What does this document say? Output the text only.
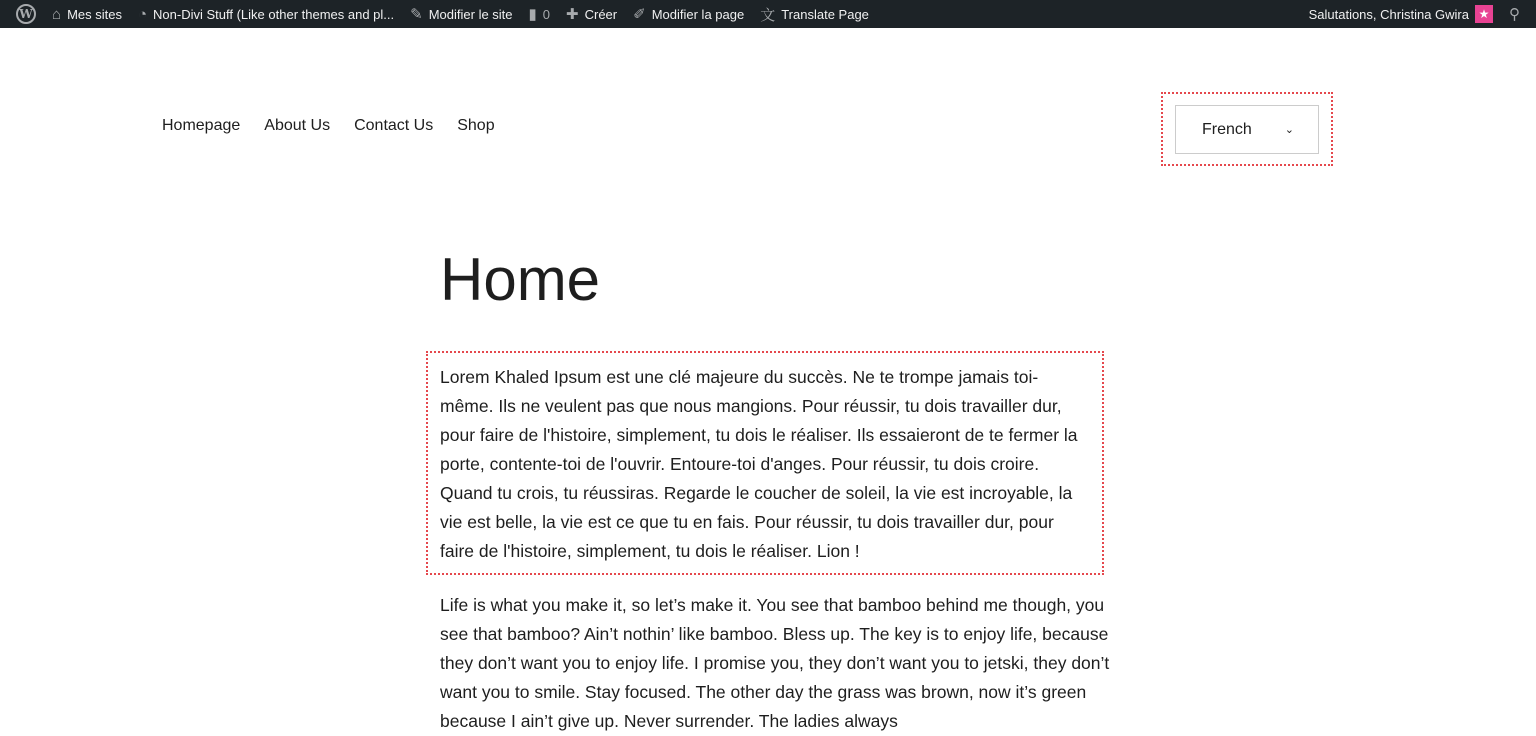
W ⌂ Mes sites ◔ Non-Divi Stuff (Like other themes and pl... ✎ Modifier le site ▮ 0 ✚ Créer ✐ Modifier la page 文 Translate Page	Salutations, Christina Gwira ★ ⚲
Homepage About Us Contact Us Shop	French	⌄
Home
Lorem Khaled Ipsum est une clé majeure du succès. Ne te trompe jamais toi-même. Ils ne veulent pas que nous mangions. Pour réussir, tu dois travailler dur, pour faire de l'histoire, simplement, tu dois le réaliser. Ils essaieront de te fermer la porte, contente-toi de l'ouvrir. Entoure-toi d'anges. Pour réussir, tu dois croire. Quand tu crois, tu réussiras. Regarde le coucher de soleil, la vie est incroyable, la vie est belle, la vie est ce que tu en fais. Pour réussir, tu dois travailler dur, pour faire de l'histoire, simplement, tu dois le réaliser. Lion !
Life is what you make it, so let’s make it. You see that bamboo behind me though, you see that bamboo? Ain’t nothin’ like bamboo. Bless up. The key is to enjoy life, because they don’t want you to enjoy life. I promise you, they don’t want you to jetski, they don’t want you to smile. Stay focused. The other day the grass was brown, now it’s green because I ain’t give up. Never surrender. The ladies always
